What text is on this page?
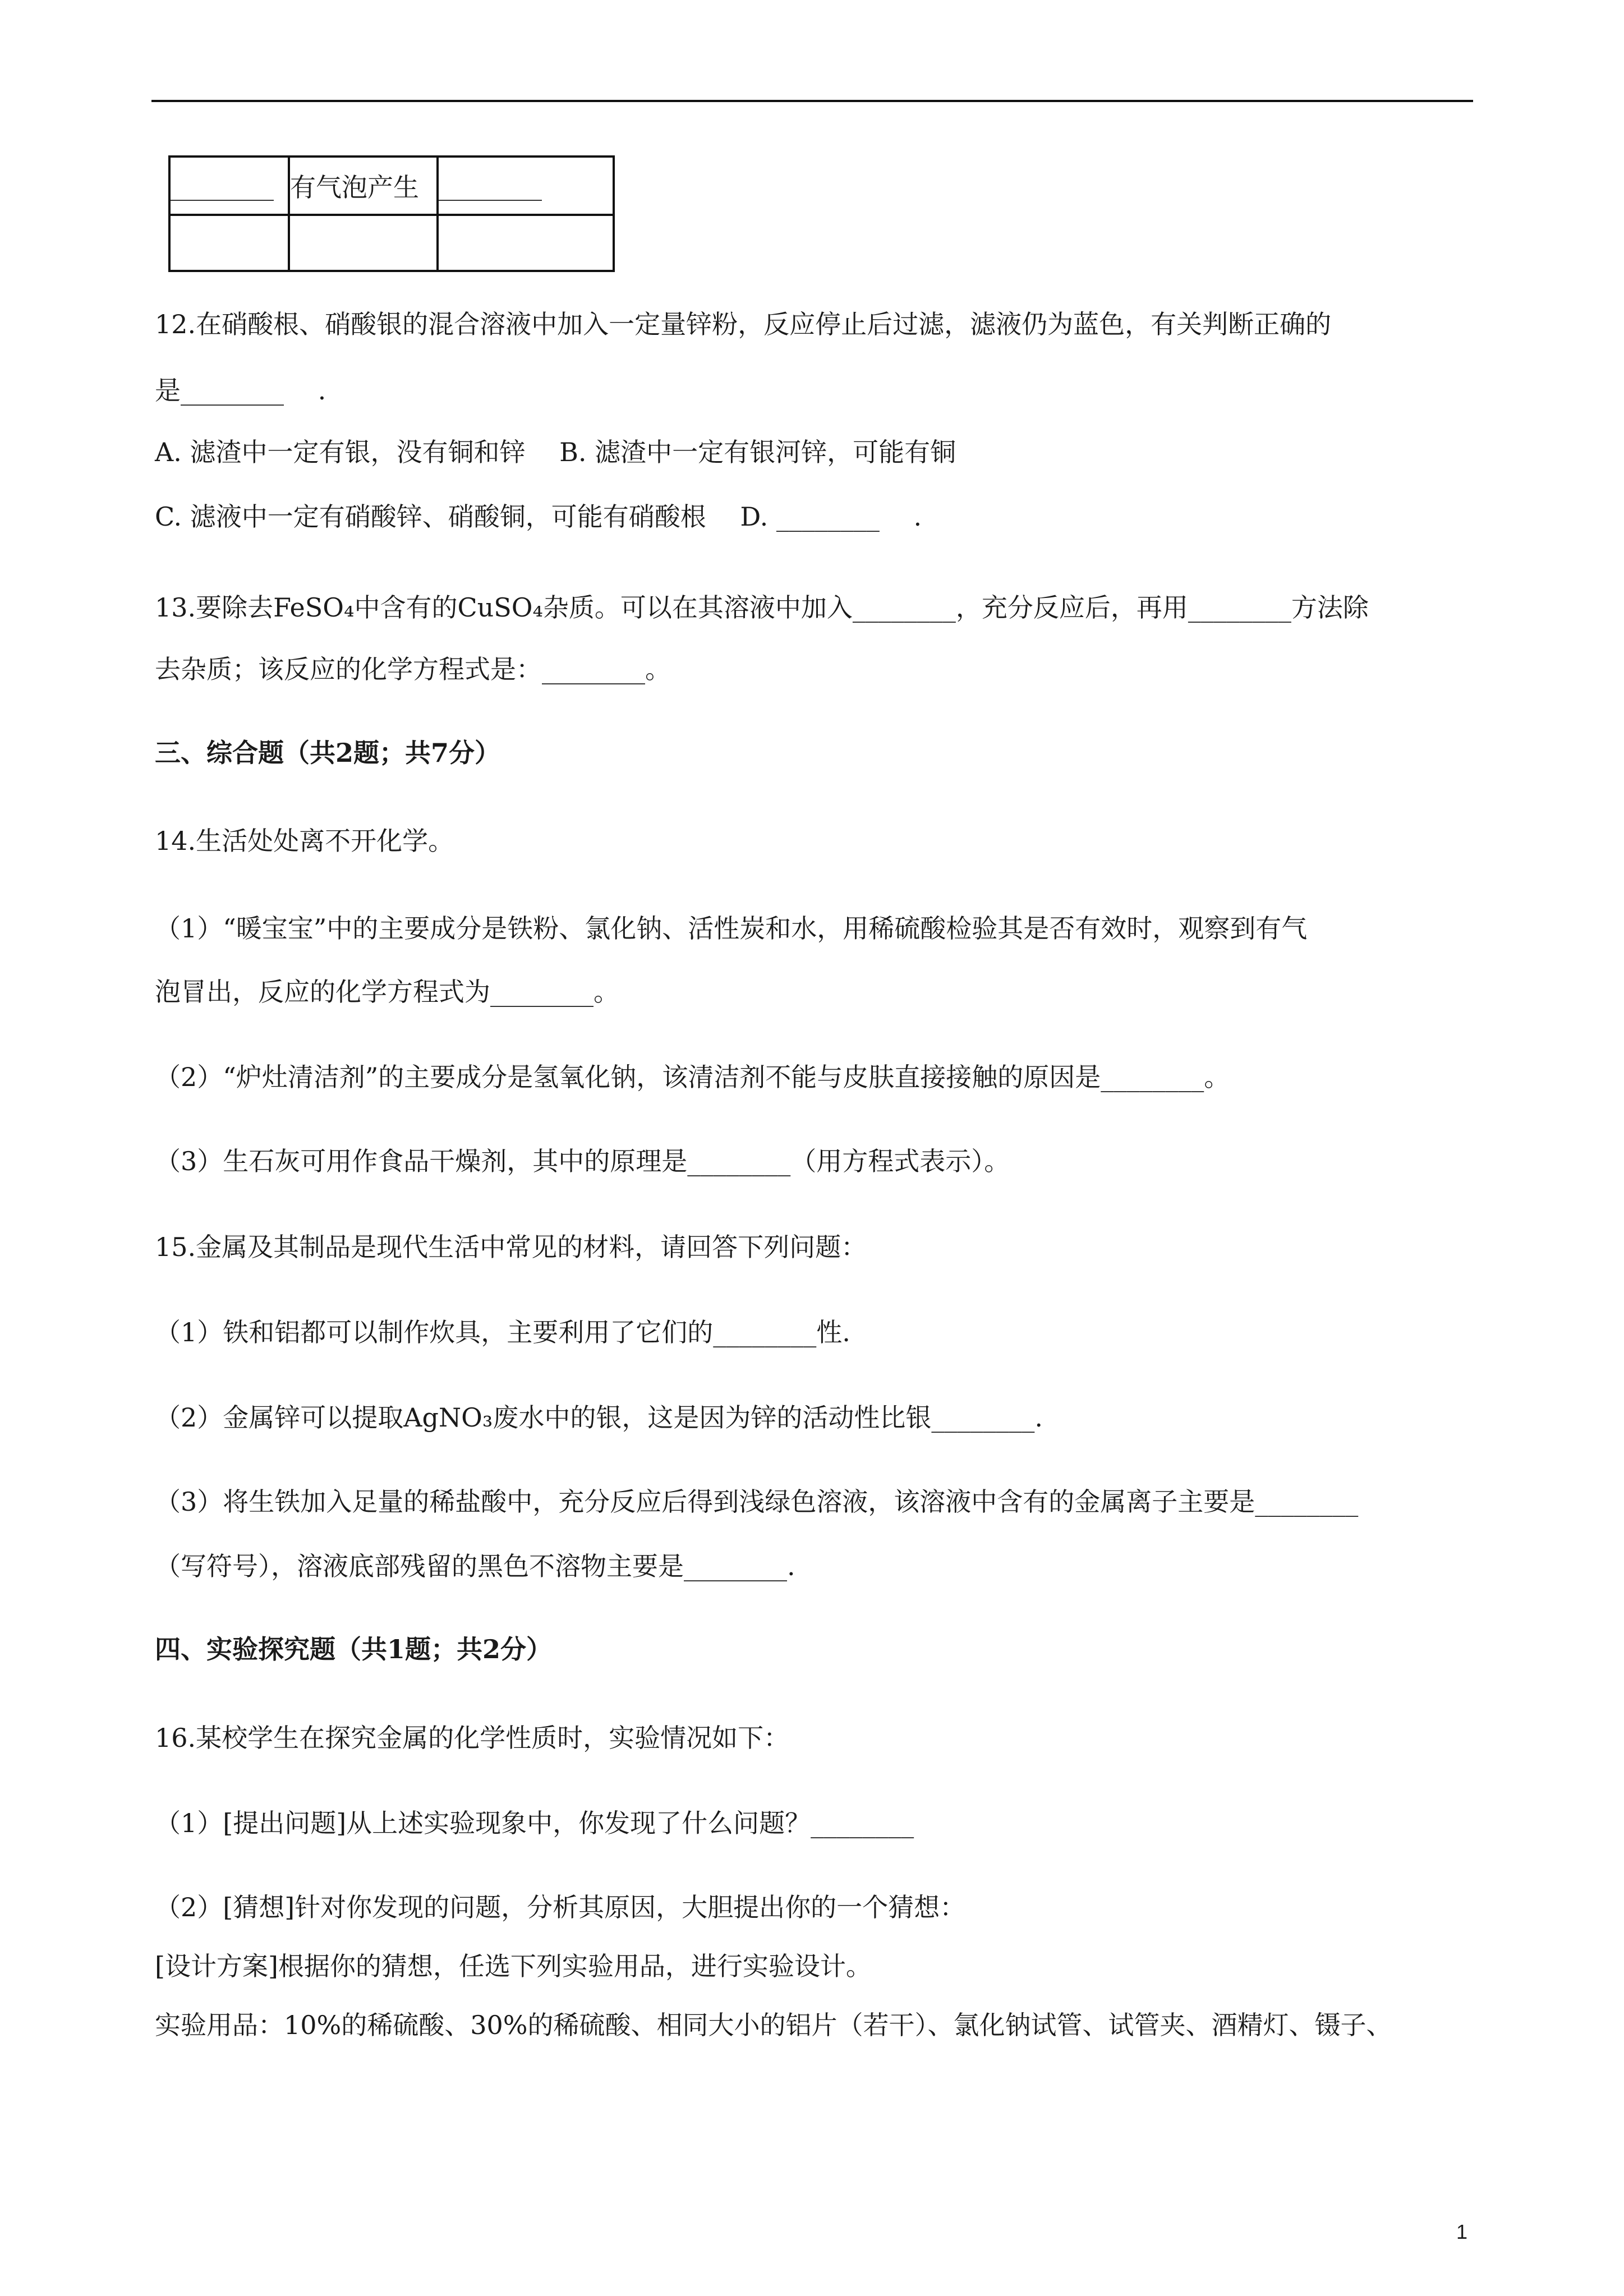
________	有气泡产生	________

12.在硝酸根、硝酸银的混合溶液中加入一定量锌粉，反应停止后过滤，滤液仍为蓝色，有关判断正确的
是________　 .
A. 滤渣中一定有银，没有铜和锌　 B. 滤渣中一定有银河锌，可能有铜
C. 滤液中一定有硝酸锌、硝酸铜，可能有硝酸根　 D. ________　 .
13.要除去FeSO₄中含有的CuSO₄杂质。可以在其溶液中加入________，充分反应后，再用________方法除
去杂质；该反应的化学方程式是：________。
三、综合题（共2题；共7分）
14.生活处处离不开化学。
（1）“暖宝宝”中的主要成分是铁粉、氯化钠、活性炭和水，用稀硫酸检验其是否有效时，观察到有气
泡冒出，反应的化学方程式为________。
（2）“炉灶清洁剂”的主要成分是氢氧化钠，该清洁剂不能与皮肤直接接触的原因是________。
（3）生石灰可用作食品干燥剂，其中的原理是________（用方程式表示）。
15.金属及其制品是现代生活中常见的材料，请回答下列问题：
（1）铁和铝都可以制作炊具，主要利用了它们的________性.
（2）金属锌可以提取AgNO₃废水中的银，这是因为锌的活动性比银________.
（3）将生铁加入足量的稀盐酸中，充分反应后得到浅绿色溶液，该溶液中含有的金属离子主要是________
（写符号），溶液底部残留的黑色不溶物主要是________.
四、实验探究题（共1题；共2分）
16.某校学生在探究金属的化学性质时，实验情况如下：
（1）[提出问题]从上述实验现象中，你发现了什么问题？________
（2）[猜想]针对你发现的问题，分析其原因，大胆提出你的一个猜想：
[设计方案]根据你的猜想，任选下列实验用品，进行实验设计。
实验用品：10%的稀硫酸、30%的稀硫酸、相同大小的铝片（若干）、氯化钠试管、试管夹、酒精灯、镊子、
1
